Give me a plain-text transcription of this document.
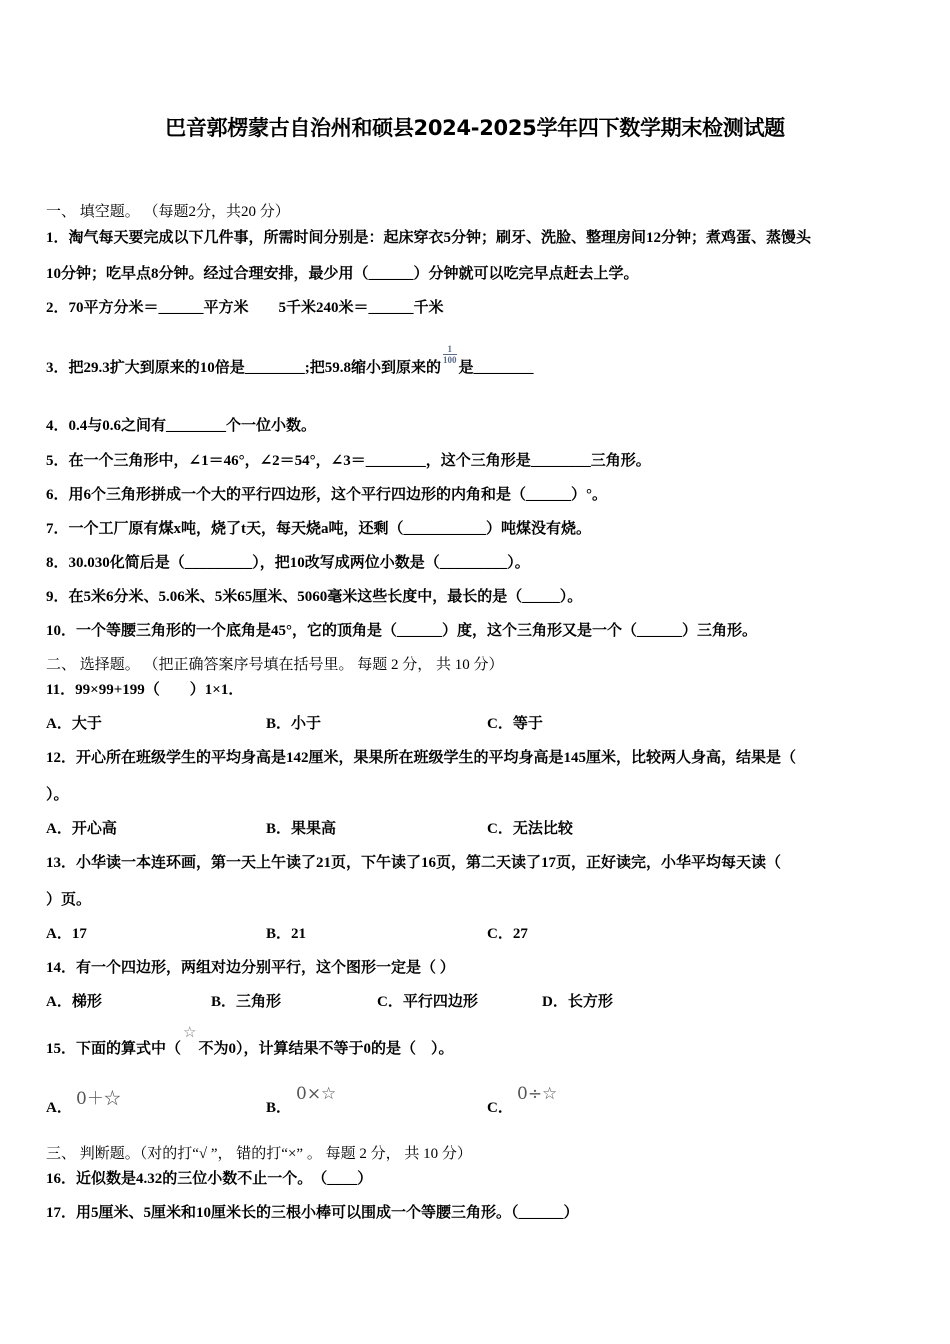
巴音郭楞蒙古自治州和硕县2024-2025学年四下数学期末检测试题
一、 填空题。 （每题2分，共20 分）
1．淘气每天要完成以下几件事，所需时间分别是：起床穿衣5分钟；刷牙、洗脸、整理房间12分钟；煮鸡蛋、蒸馒头
10分钟；吃早点8分钟。经过合理安排，最少用（______）分钟就可以吃完早点赶去上学。
2．70平方分米＝______平方米　　5千米240米＝______千米
3．把29.3扩大到原来的10倍是________;把59.8缩小到原来的
$\frac{1}{100}$
是________
4．0.4与0.6之间有________个一位小数。
5．在一个三角形中，∠1＝46°，∠2＝54°，∠3＝________，这个三角形是________三角形。
6．用6个三角形拼成一个大的平行四边形，这个平行四边形的内角和是（______）°。
7．一个工厂原有煤x吨，烧了t天，每天烧a吨，还剩（___________）吨煤没有烧。
8．30.030化简后是（_________），把10改写成两位小数是（_________）。
9．在5米6分米、5.06米、5米65厘米、5060毫米这些长度中，最长的是（_____）。
10．一个等腰三角形的一个底角是45°，它的顶角是（______）度，这个三角形又是一个（______）三角形。
二、 选择题。 （把正确答案序号填在括号里。 每题 2 分， 共 10 分）
11．99×99+199（　　）1×1．
A．大于	B．小于	C．等于
12．开心所在班级学生的平均身高是142厘米，果果所在班级学生的平均身高是145厘米，比较两人身高，结果是（
）。
A．开心高	B．果果高	C．无法比较
13．小华读一本连环画，第一天上午读了21页，下午读了16页，第二天读了17页，正好读完，小华平均每天读（
）页。
A．17	B．21	C．27
14．有一个四边形，两组对边分别平行，这个图形一定是（ ）
A．梯形	B．三角形	C．平行四边形	D．长方形
15．下面的算式中（☆不为0），计算结果不等于0的是（　）。
A． 0＋☆	B．
0×☆
C．
0÷☆
三、 判断题。（对的打“√ ”， 错的打“×” 。 每题 2 分， 共 10 分）
16．近似数是4.32的三位小数不止一个。　（____）
17．用5厘米、5厘米和10厘米长的三根小棒可以围成一个等腰三角形。（______）
